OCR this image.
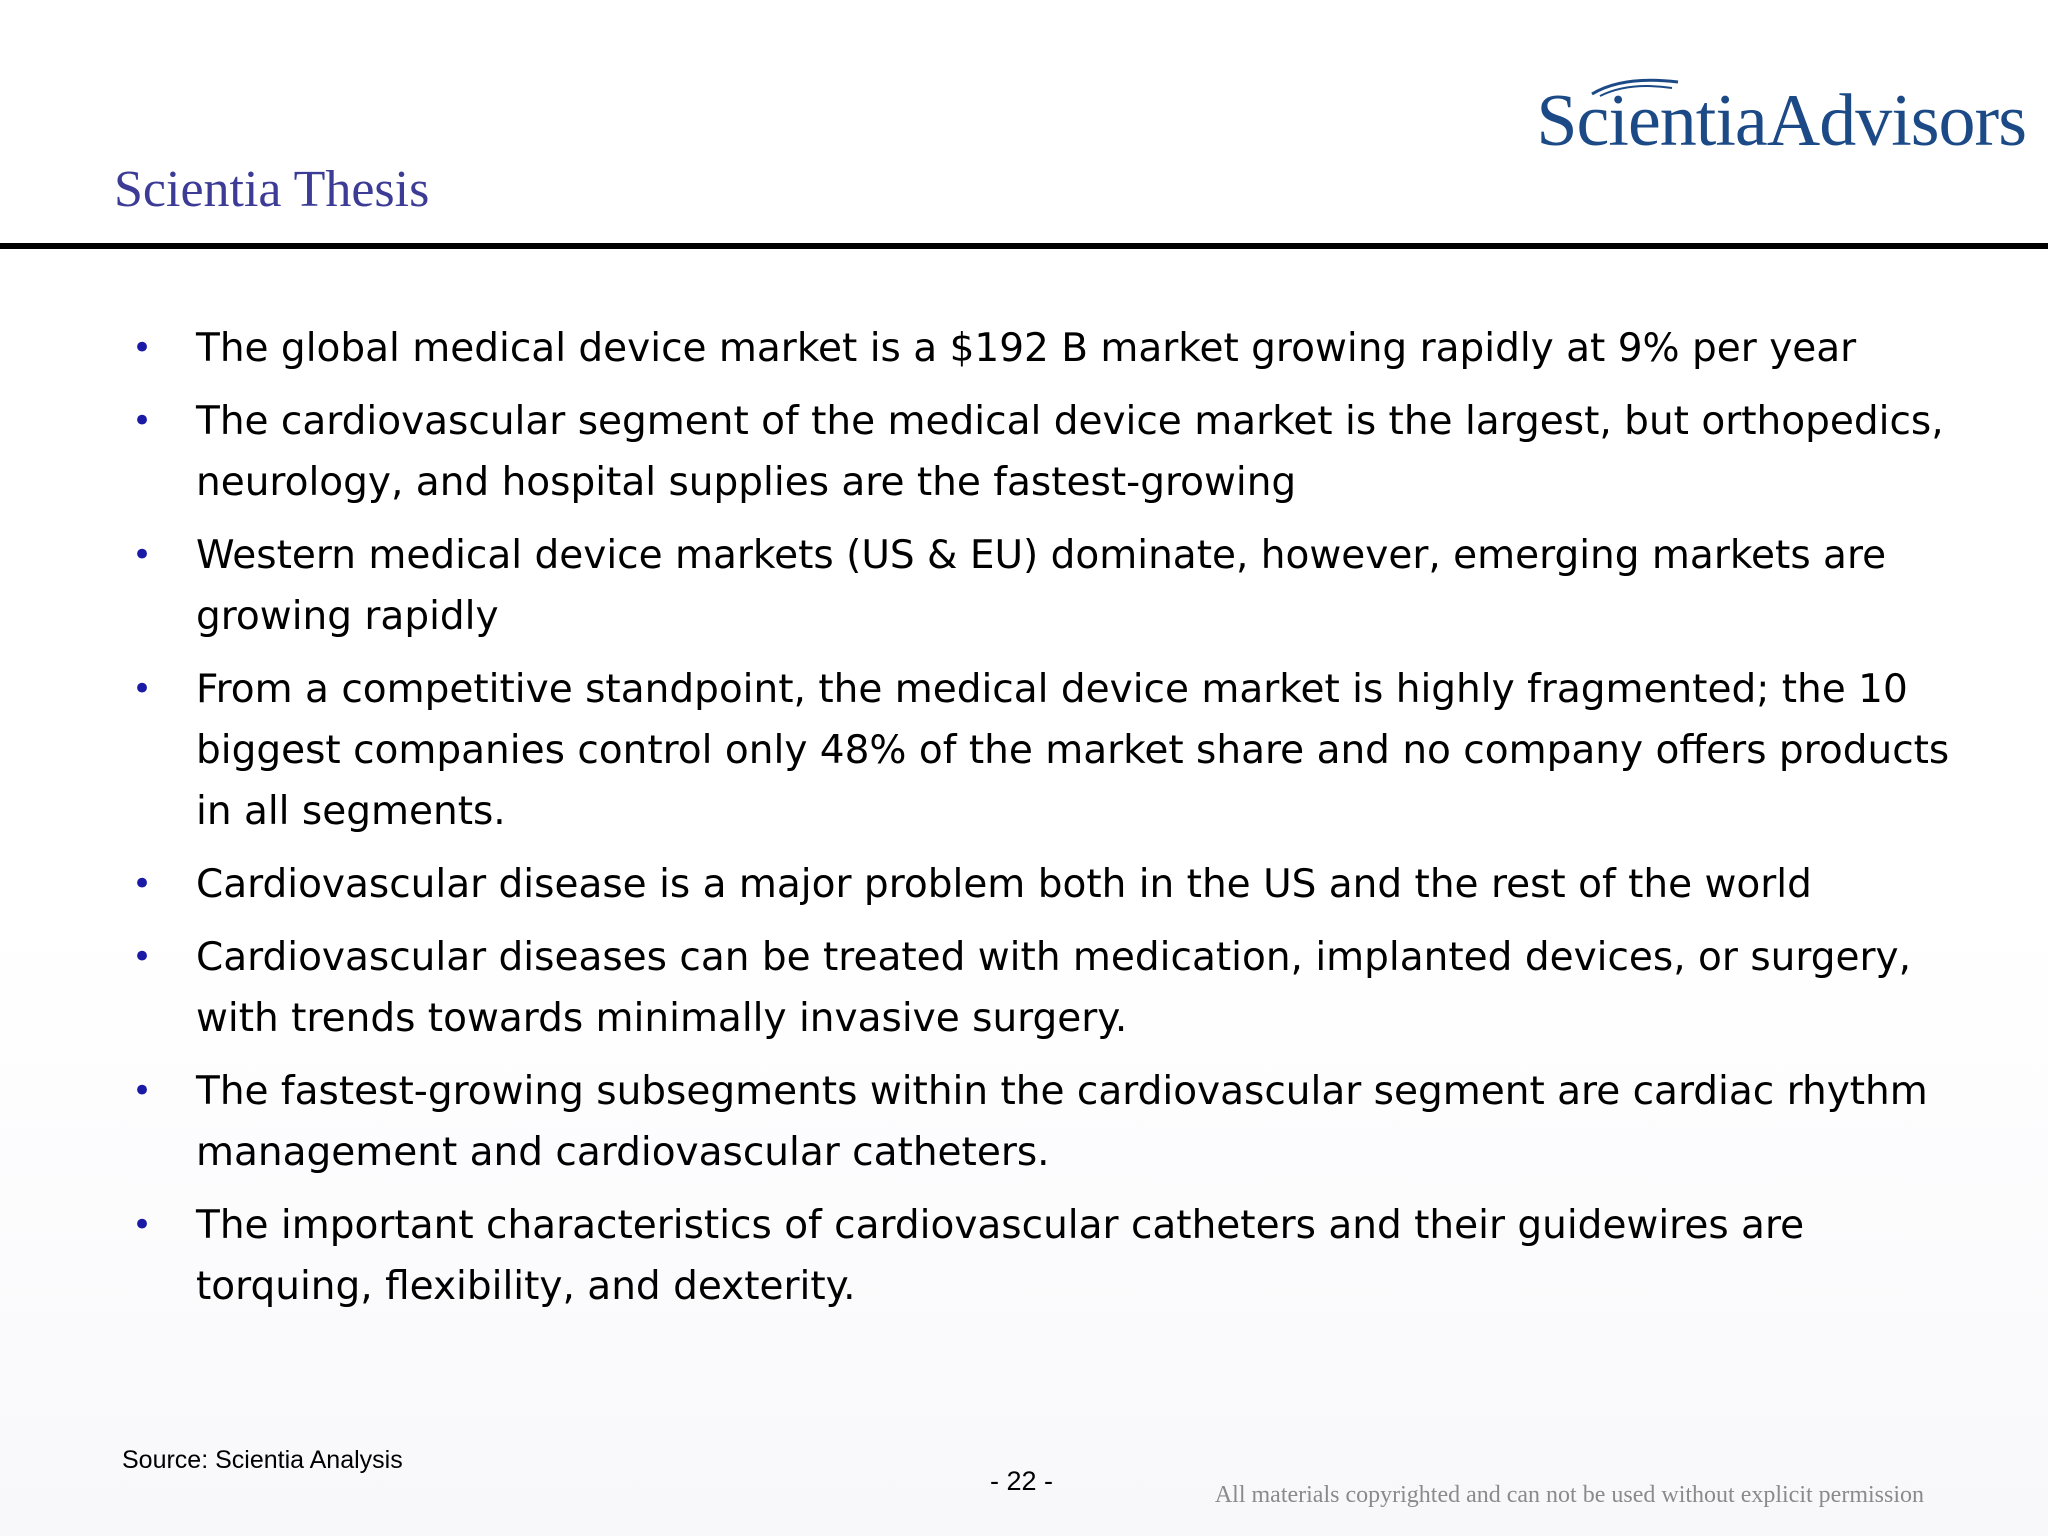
ScientiaAdvisors
Scientia Thesis
• The global medical device market is a $192 B market growing rapidly at 9% per year
• The cardiovascular segment of the medical device market is the largest, but orthopedics, neurology, and hospital supplies are the fastest-growing
• Western medical device markets (US & EU) dominate, however, emerging markets are growing rapidly
• From a competitive standpoint, the medical device market is highly fragmented; the 10 biggest companies control only 48% of the market share and no company offers products in all segments.
• Cardiovascular disease is a major problem both in the US and the rest of the world
• Cardiovascular diseases can be treated with medication, implanted devices, or surgery, with trends towards minimally invasive surgery.
• The fastest-growing subsegments within the cardiovascular segment are cardiac rhythm management and cardiovascular catheters.
• The important characteristics of cardiovascular catheters and their guidewires are torquing, flexibility, and dexterity.
Source: Scientia Analysis
- 22 -	All materials copyrighted and can not be used without explicit permission
